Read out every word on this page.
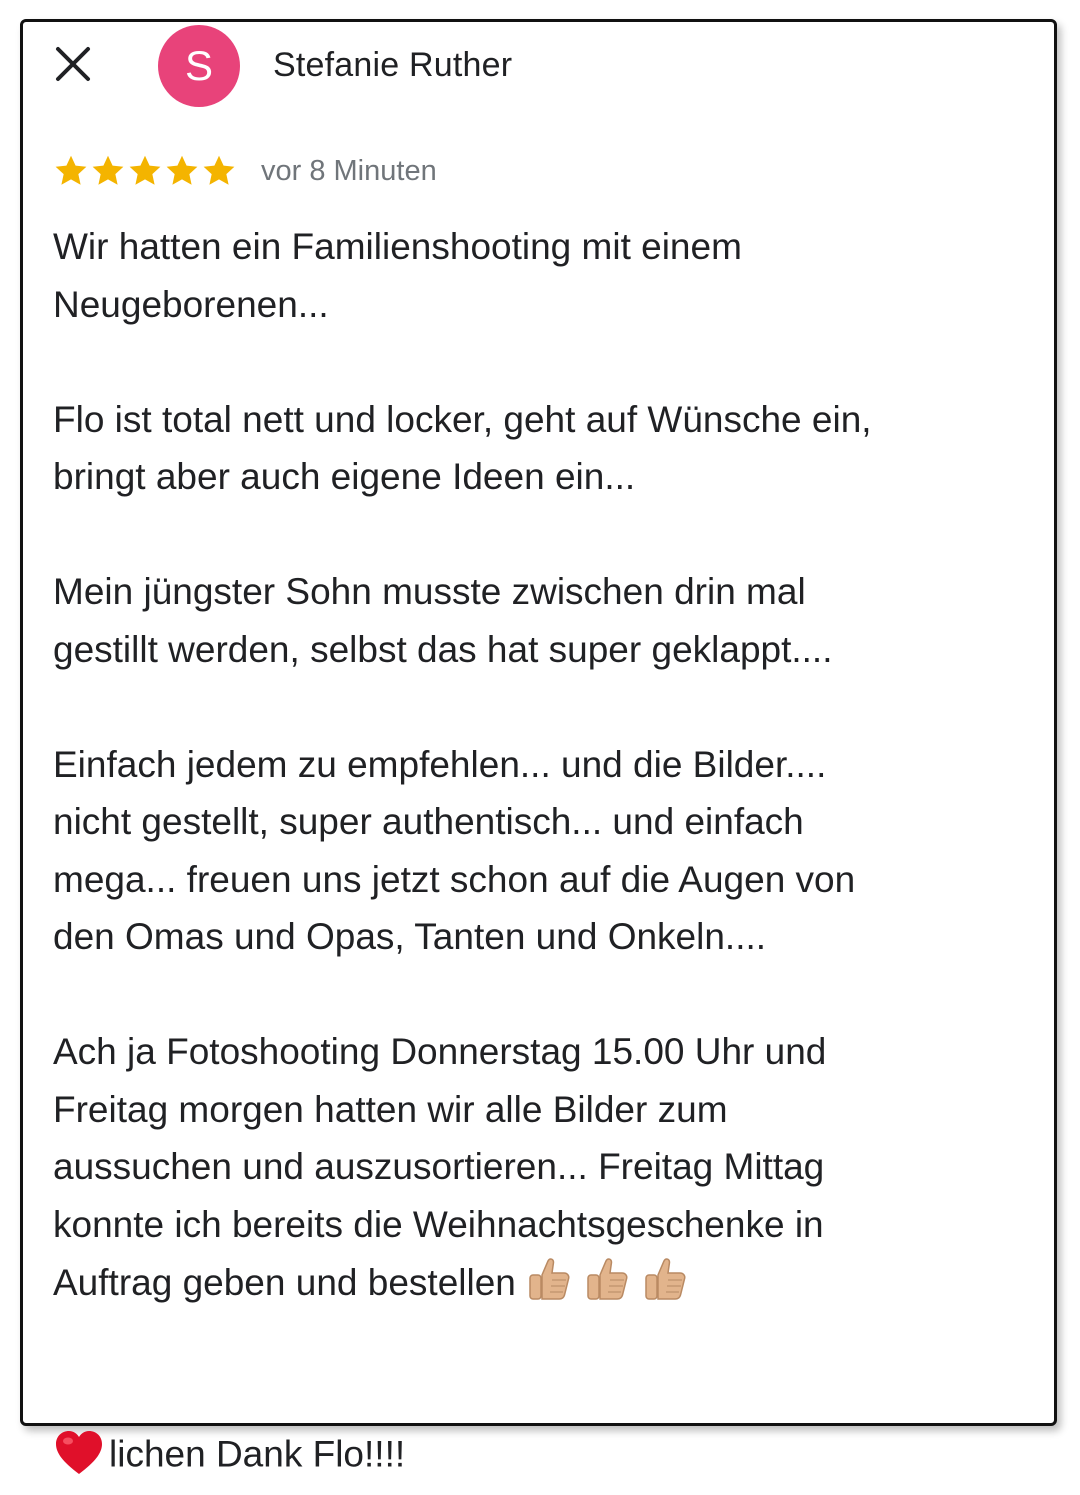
S	Stefanie Ruther
vor 8 Minuten

Wir hatten ein Familienshooting mit einem
Neugeborenen...

Flo ist total nett und locker, geht auf Wünsche ein,
bringt aber auch eigene Ideen ein...

Mein jüngster Sohn musste zwischen drin mal
gestillt werden, selbst das hat super geklappt....

Einfach jedem zu empfehlen... und die Bilder....
nicht gestellt, super authentisch... und einfach
mega... freuen uns jetzt schon auf die Augen von
den Omas und Opas, Tanten und Onkeln....

Ach ja Fotoshooting Donnerstag 15.00 Uhr und
Freitag morgen hatten wir alle Bilder zum
aussuchen und auszusortieren... Freitag Mittag
konnte ich bereits die Weihnachtsgeschenke in
Auftrag geben und bestellen

lichen Dank Flo!!!!
